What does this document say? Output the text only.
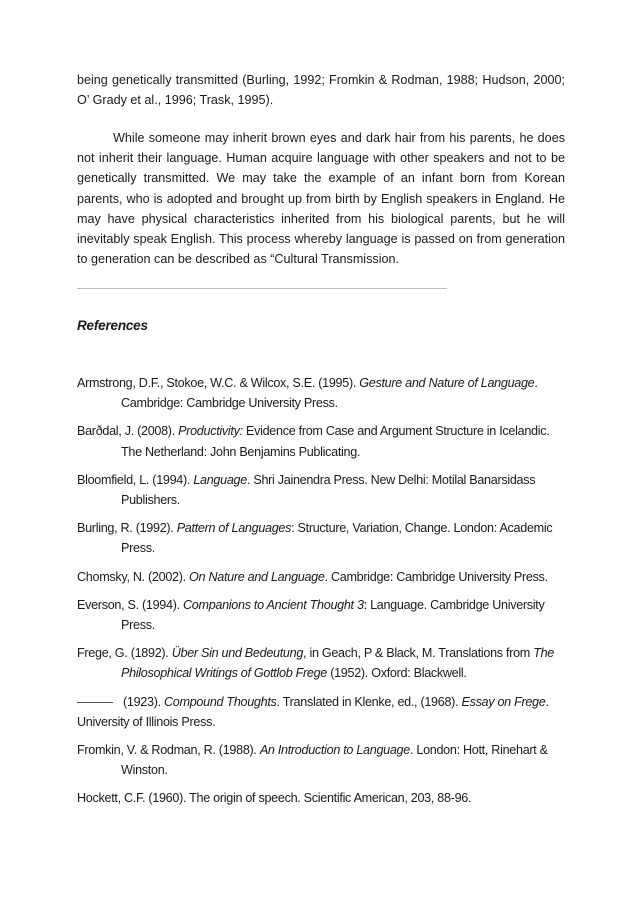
being genetically transmitted (Burling, 1992; Fromkin & Rodman, 1988; Hudson, 2000; O’ Grady et al., 1996; Trask, 1995).

While someone may inherit brown eyes and dark hair from his parents, he does not inherit their language. Human acquire language with other speakers and not to be genetically transmitted. We may take the example of an infant born from Korean parents, who is adopted and brought up from birth by English speakers in England. He may have physical characteristics inherited from his biological parents, but he will inevitably speak English. This process whereby language is passed on from generation to generation can be described as “Cultural Transmission.

References
Armstrong, D.F., Stokoe, W.C. & Wilcox, S.E. (1995). Gesture and Nature of Language. Cambridge: Cambridge University Press.
Barðdal, J. (2008). Productivity: Evidence from Case and Argument Structure in Icelandic. The Netherland: John Benjamins Publicating.
Bloomfield, L. (1994). Language. Shri Jainendra Press. New Delhi: Motilal Banarsidass Publishers.
Burling, R. (1992). Pattern of Languages: Structure, Variation, Change. London: Academic Press.
Chomsky, N. (2002). On Nature and Language. Cambridge: Cambridge University Press.
Everson, S. (1994). Companions to Ancient Thought 3: Language. Cambridge University Press.
Frege, G. (1892). Über Sin und Bedeutung, in Geach, P & Black, M. Translations from The Philosophical Writings of Gottlob Frege (1952). Oxford: Blackwell.
(1923). Compound Thoughts. Translated in Klenke, ed., (1968). Essay on Frege. University of Illinois Press.
Fromkin, V. & Rodman, R. (1988). An Introduction to Language. London: Hott, Rinehart & Winston.
Hockett, C.F. (1960). The origin of speech. Scientific American, 203, 88-96.
